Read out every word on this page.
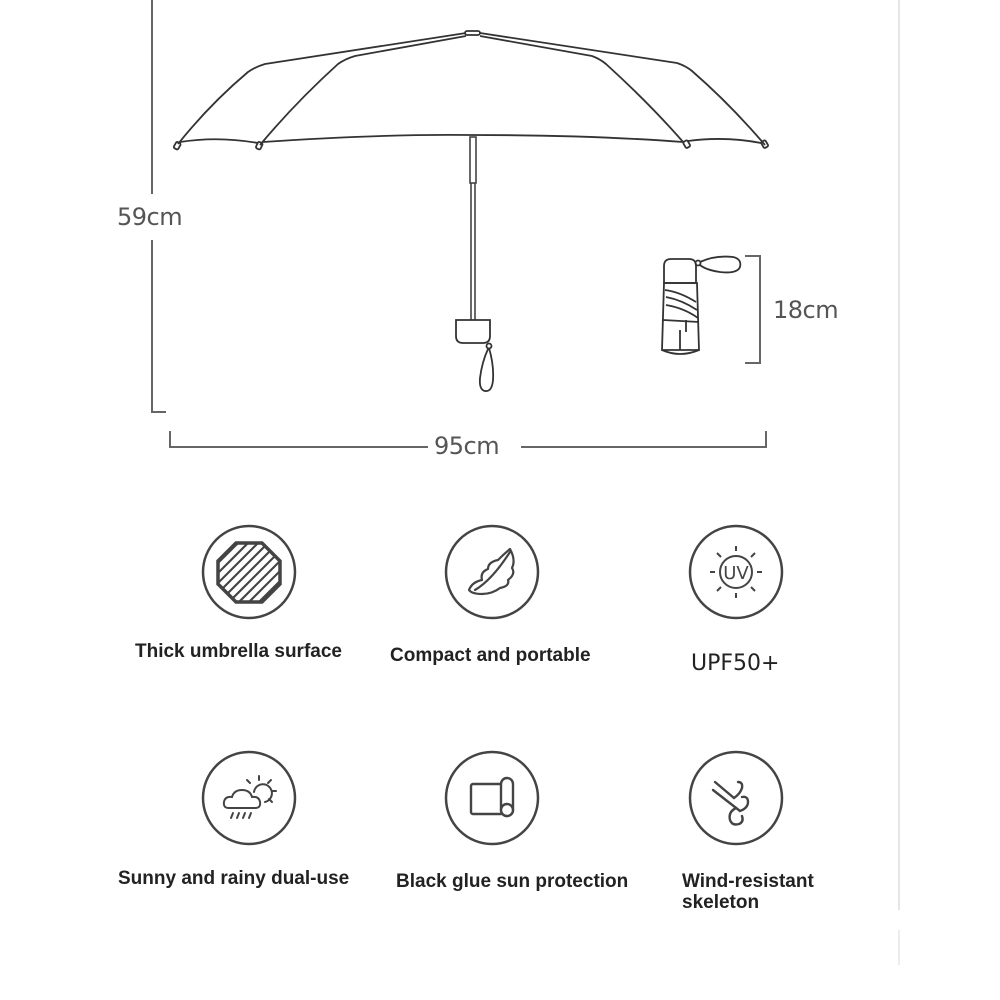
59cm
95cm
18cm
UV
Thick umbrella surface	Compact and portable	UPF50+
Sunny and rainy dual-use Black glue sun protection	Wind-resistant skeleton
